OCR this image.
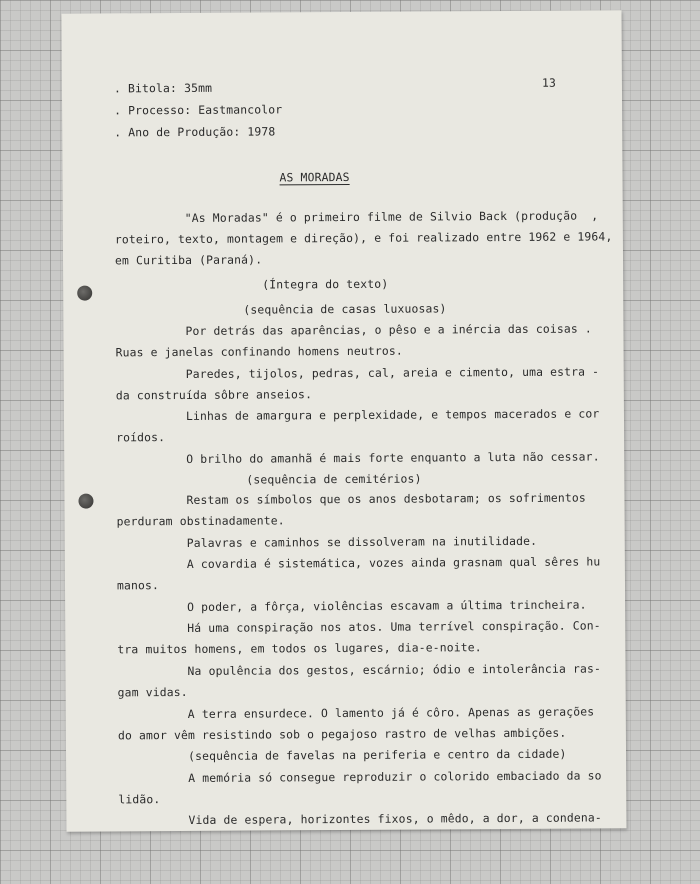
13

. Bitola: 35mm

. Processo: Eastmancolor

. Ano de Produção: 1978

AS MORADAS

"As Moradas" é o primeiro filme de Silvio Back (produção  ,

roteiro, texto, montagem e direção), e foi realizado entre 1962 e 1964,

em Curitiba (Paraná).

(Íntegra do texto)

(sequência de casas luxuosas)

Por detrás das aparências, o pêso e a inércia das coisas .

Ruas e janelas confinando homens neutros.

Paredes, tijolos, pedras, cal, areia e cimento, uma estra -

da construída sôbre anseios.

Linhas de amargura e perplexidade, e tempos macerados e cor

roídos.

O brilho do amanhã é mais forte enquanto a luta não cessar.

(sequência de cemitérios)

Restam os símbolos que os anos desbotaram; os sofrimentos

perduram obstinadamente.

Palavras e caminhos se dissolveram na inutilidade.

A covardia é sistemática, vozes ainda grasnam qual sêres hu

manos.

O poder, a fôrça, violências escavam a última trincheira.

Há uma conspiração nos atos. Uma terrível conspiração. Con-

tra muitos homens, em todos os lugares, dia-e-noite.

Na opulência dos gestos, escárnio; ódio e intolerância ras-

gam vidas.

A terra ensurdece. O lamento já é côro. Apenas as gerações

do amor vêm resistindo sob o pegajoso rastro de velhas ambições.

(sequência de favelas na periferia e centro da cidade)

A memória só consegue reproduzir o colorido embaciado da so

lidão.

Vida de espera, horizontes fixos, o mêdo, a dor, a condena-
